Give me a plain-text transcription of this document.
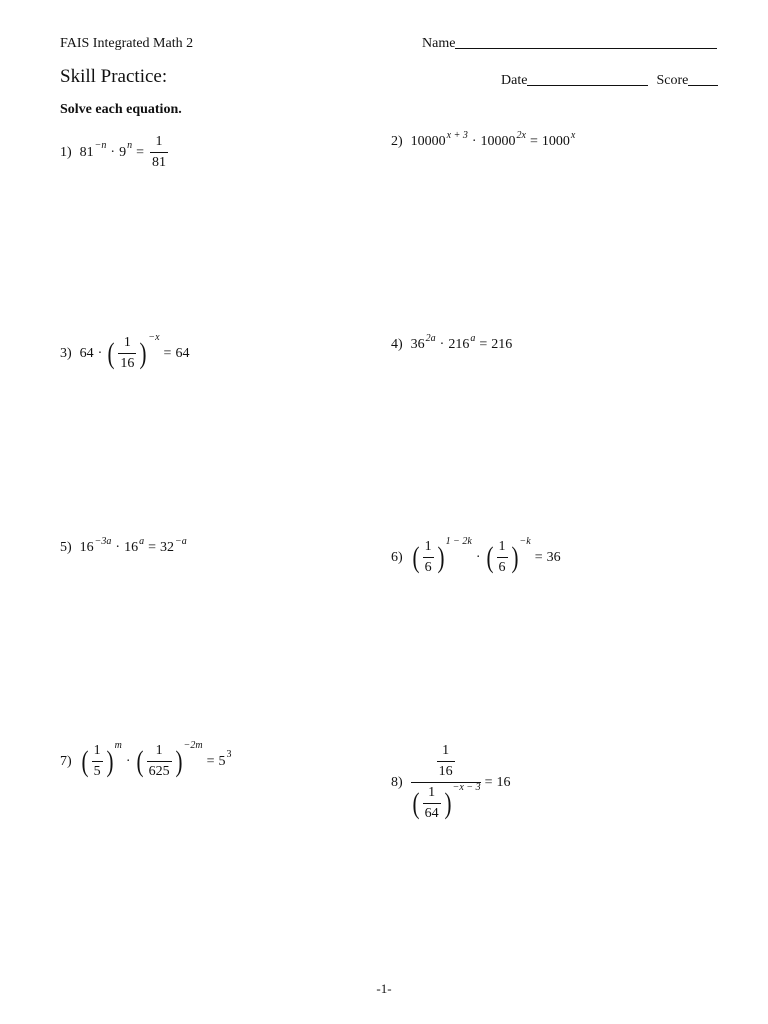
FAIS Integrated Math 2
Skill Practice:
Solve each equation.
Name
Date	Score
1) 81 −n · 9 $n = \frac{1}{81}$	2) 10000 x + 3 · 10000 2x = 1000 x
3) 64 · ( $\frac{1}{16}$ ) −x
= 64
4) 36 2a · 216 a = 216
5) 16 −3a · 16 a = 32 −a
6) ( $\frac{1}{6}$ ) 1 − 2k
· ( $\frac{1}{6}$ ) −k
= 36
7) ( $\frac{1}{5}$ ) m
· ( $\frac{1}{625}$ ) −2m
= 5 3
$8) \frac{\frac{1}{16}}{( \frac{1}{64} ) -x - 3} = 16$
-1-
